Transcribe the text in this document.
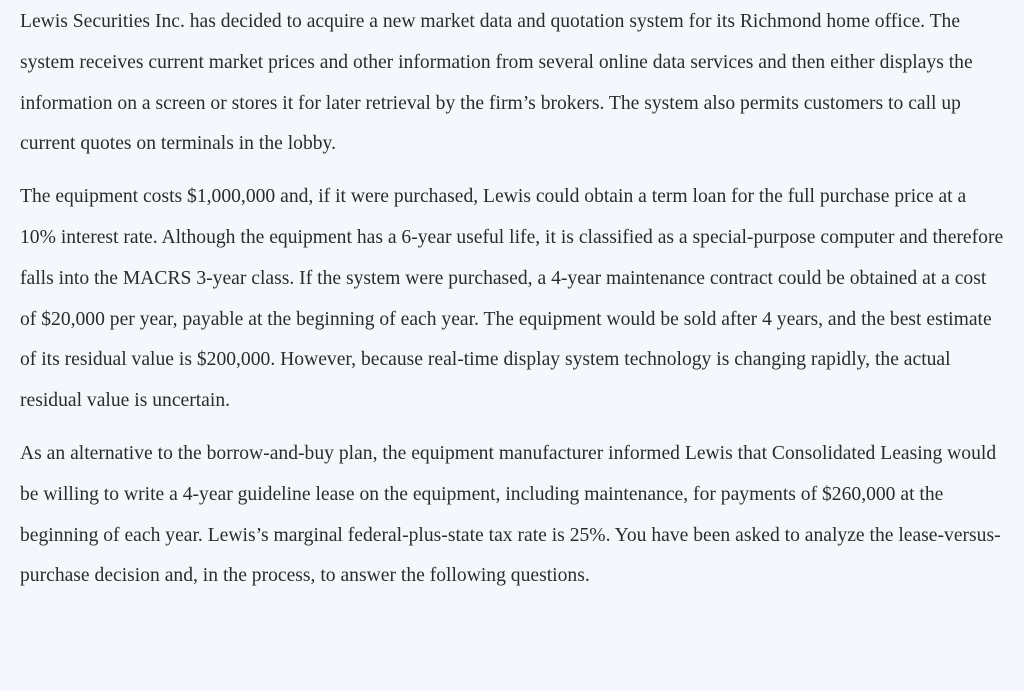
Lewis Securities Inc. has decided to acquire a new market data and quotation system for its Richmond home office. The system receives current market prices and other information from several online data services and then either displays the information on a screen or stores it for later retrieval by the firm’s brokers. The system also permits customers to call up current quotes on terminals in the lobby.

The equipment costs $1,000,000 and, if it were purchased, Lewis could obtain a term loan for the full purchase price at a 10% interest rate. Although the equipment has a 6-year useful life, it is classified as a special-purpose computer and therefore falls into the MACRS 3-year class. If the system were purchased, a 4-year maintenance contract could be obtained at a cost of $20,000 per year, payable at the beginning of each year. The equipment would be sold after 4 years, and the best estimate of its residual value is $200,000. However, because real-time display system technology is changing rapidly, the actual residual value is uncertain.

As an alternative to the borrow-and-buy plan, the equipment manufacturer informed Lewis that Consolidated Leasing would be willing to write a 4-year guideline lease on the equipment, including maintenance, for payments of $260,000 at the beginning of each year. Lewis’s marginal federal-plus-state tax rate is 25%. You have been asked to analyze the lease-versus-purchase decision and, in the process, to answer the following questions.
